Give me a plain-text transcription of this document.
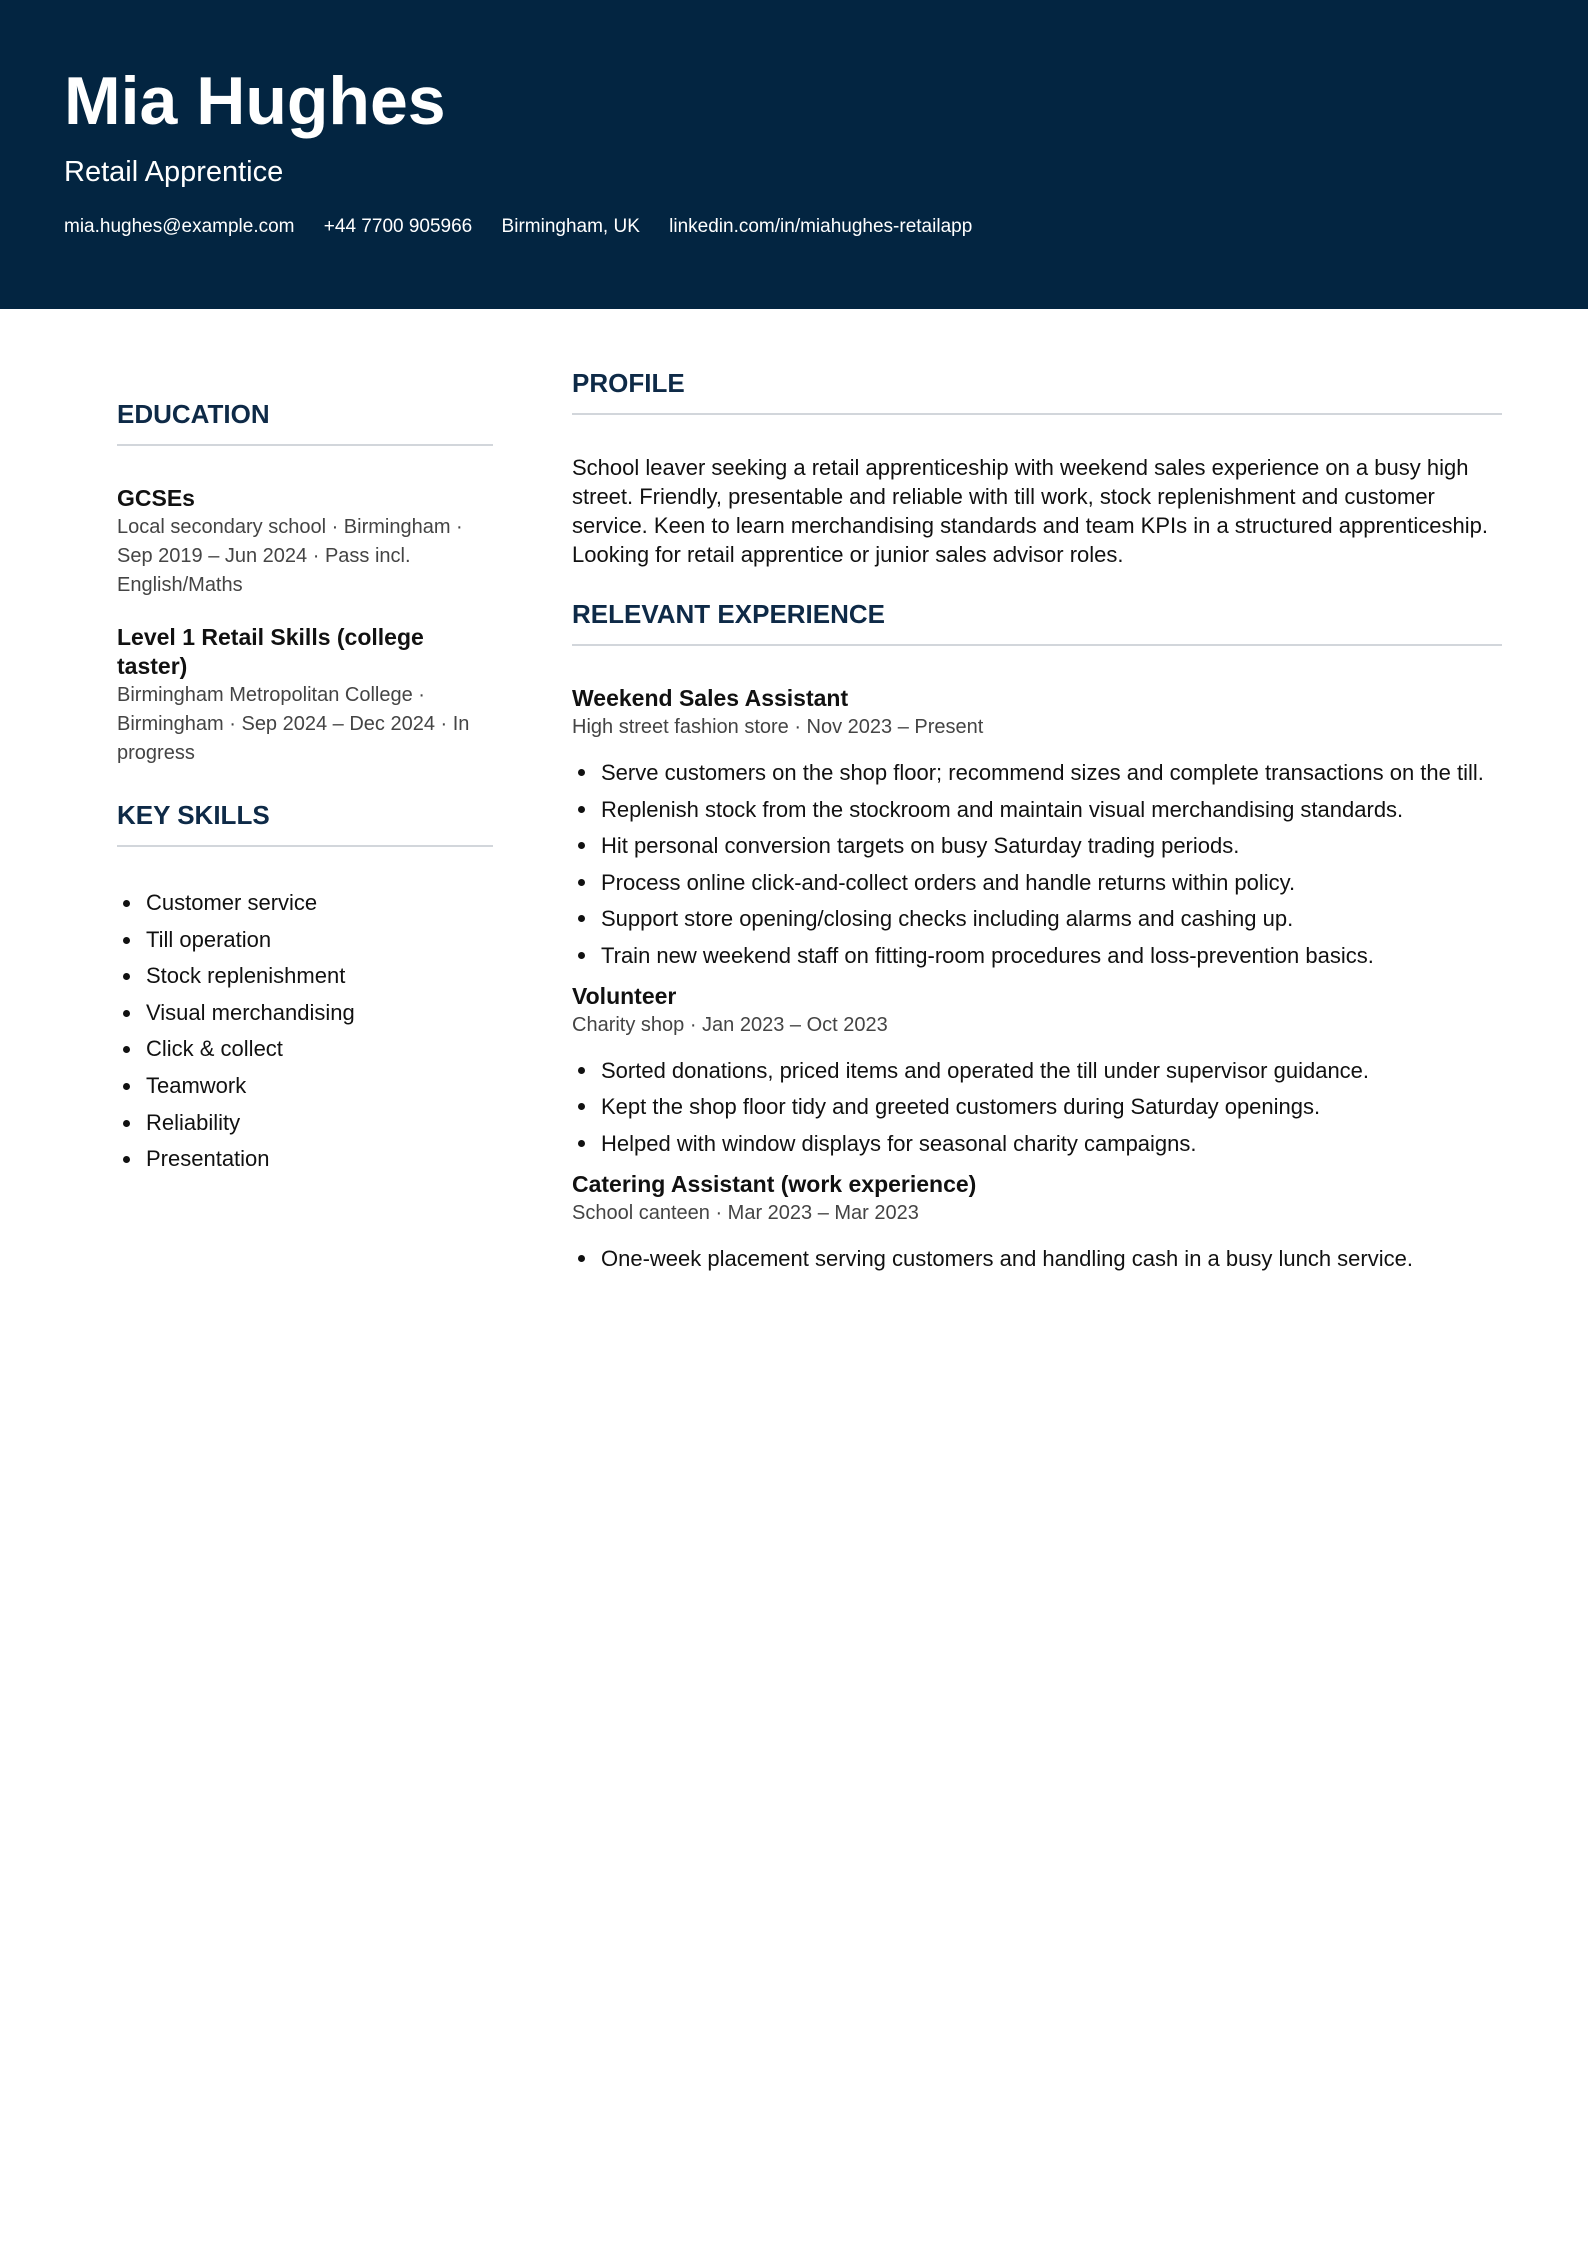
Mia Hughes
Retail Apprentice
mia.hughes@example.com +44 7700 905966 Birmingham, UK linkedin.com/in/miahughes-retailapp
EDUCATION
GCSEs
Local secondary school · Birmingham · Sep 2019 – Jun 2024 · Pass incl. English/Maths
Level 1 Retail Skills (college taster)
Birmingham Metropolitan College · Birmingham · Sep 2024 – Dec 2024 · In progress
KEY SKILLS
Customer service
Till operation
Stock replenishment
Visual merchandising
Click & collect
Teamwork
Reliability
Presentation
PROFILE
School leaver seeking a retail apprenticeship with weekend sales experience on a busy high street. Friendly, presentable and reliable with till work, stock replenishment and customer service. Keen to learn merchandising standards and team KPIs in a structured apprenticeship. Looking for retail apprentice or junior sales advisor roles.
RELEVANT EXPERIENCE
Weekend Sales Assistant
High street fashion store · Nov 2023 – Present
Serve customers on the shop floor; recommend sizes and complete transactions on the till.
Replenish stock from the stockroom and maintain visual merchandising standards.
Hit personal conversion targets on busy Saturday trading periods.
Process online click-and-collect orders and handle returns within policy.
Support store opening/closing checks including alarms and cashing up.
Train new weekend staff on fitting-room procedures and loss-prevention basics.
Volunteer
Charity shop · Jan 2023 – Oct 2023
Sorted donations, priced items and operated the till under supervisor guidance.
Kept the shop floor tidy and greeted customers during Saturday openings.
Helped with window displays for seasonal charity campaigns.
Catering Assistant (work experience)
School canteen · Mar 2023 – Mar 2023
One-week placement serving customers and handling cash in a busy lunch service.
